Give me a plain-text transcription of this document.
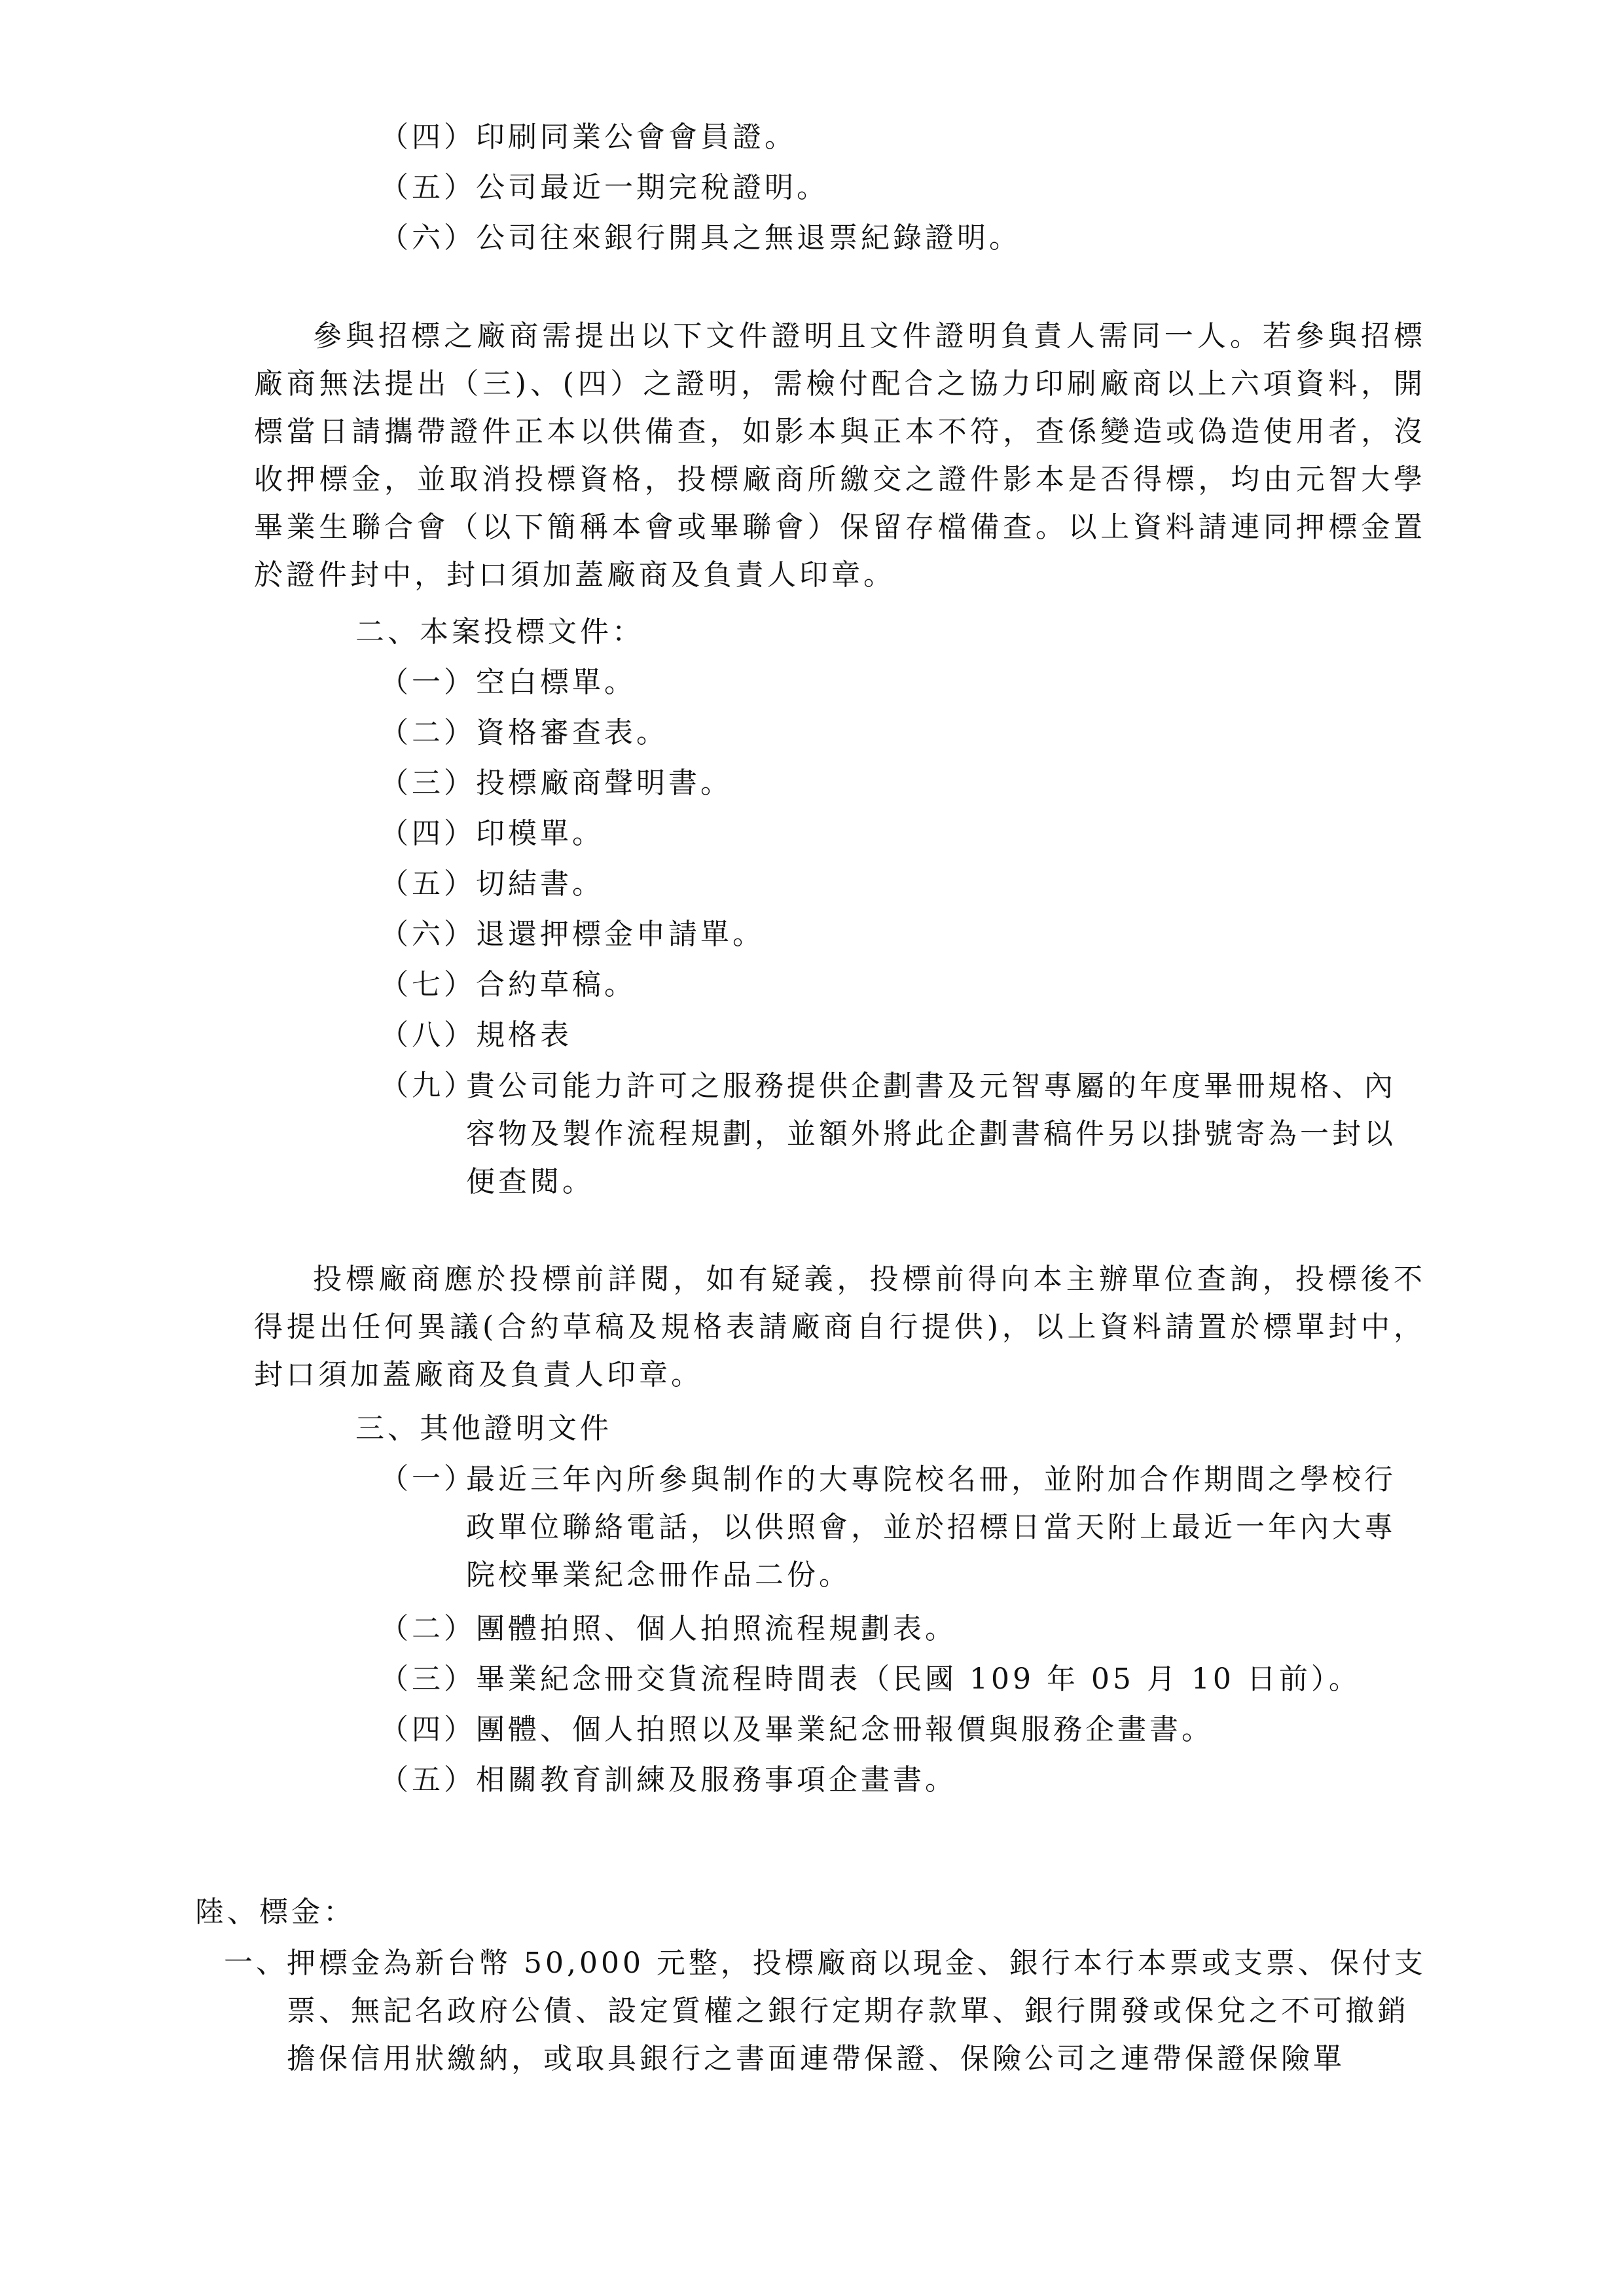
（四）印刷同業公會會員證。
（五）公司最近一期完稅證明。
（六）公司往來銀行開具之無退票紀錄證明。
參與招標之廠商需提出以下文件證明且文件證明負責人需同一人。若參與招標廠商無法提出（三)、(四）之證明，需檢付配合之協力印刷廠商以上六項資料，開標當日請攜帶證件正本以供備查，如影本與正本不符，查係變造或偽造使用者，沒收押標金，並取消投標資格，投標廠商所繳交之證件影本是否得標，均由元智大學畢業生聯合會（以下簡稱本會或畢聯會）保留存檔備查。以上資料請連同押標金置於證件封中，封口須加蓋廠商及負責人印章。
二、本案投標文件：
（一）空白標單。
（二）資格審查表。
（三）投標廠商聲明書。
（四）印模單。
（五）切結書。
（六）退還押標金申請單。
（七）合約草稿。
（八）規格表
（九）
貴公司能力許可之服務提供企劃書及元智專屬的年度畢冊規格、內容物及製作流程規劃，並額外將此企劃書稿件另以掛號寄為一封以便查閱。
投標廠商應於投標前詳閱，如有疑義，投標前得向本主辦單位查詢，投標後不得提出任何異議(合約草稿及規格表請廠商自行提供)，以上資料請置於標單封中，封口須加蓋廠商及負責人印章。
三、其他證明文件
（一）
最近三年內所參與制作的大專院校名冊，並附加合作期間之學校行政單位聯絡電話，以供照會，並於招標日當天附上最近一年內大專院校畢業紀念冊作品二份。
（二）團體拍照、個人拍照流程規劃表。
（三）畢業紀念冊交貨流程時間表（民國 109 年 05 月 10 日前）。
（四）團體、個人拍照以及畢業紀念冊報價與服務企畫書。
（五）相關教育訓練及服務事項企畫書。
陸、標金：
一、
押標金為新台幣 50,000 元整，投標廠商以現金、銀行本行本票或支票、保付支票、無記名政府公債、設定質權之銀行定期存款單、銀行開發或保兌之不可撤銷擔保信用狀繳納，或取具銀行之書面連帶保證、保險公司之連帶保證保險單
